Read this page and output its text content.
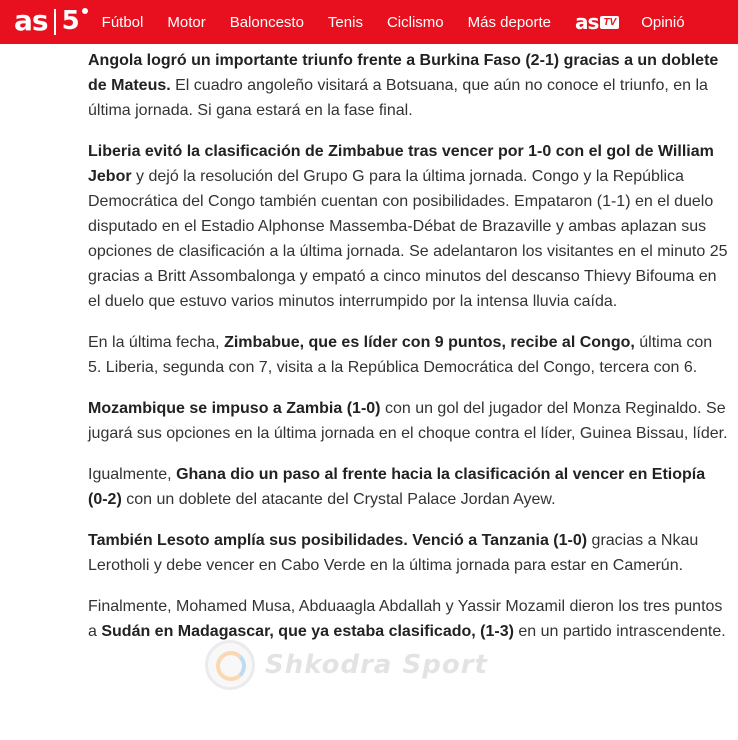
as 5 Fútbol Motor Baloncesto Tenis Ciclismo Más deporte as TV Opinió

Angola logró un importante triunfo frente a Burkina Faso (2-1) gracias a un doblete de Mateus. El cuadro angoleño visitará a Botsuana, que aún no conoce el triunfo, en la última jornada. Si gana estará en la fase final.

Liberia evitó la clasificación de Zimbabue tras vencer por 1-0 con el gol de William Jebor y dejó la resolución del Grupo G para la última jornada. Congo y la República Democrática del Congo también cuentan con posibilidades. Empataron (1-1) en el duelo disputado en el Estadio Alphonse Massemba-Débat de Brazaville y ambas aplazan sus opciones de clasificación a la última jornada. Se adelantaron los visitantes en el minuto 25 gracias a Britt Assombalonga y empató a cinco minutos del descanso Thievy Bifouma en el duelo que estuvo varios minutos interrumpido por la intensa lluvia caída.

En la última fecha, Zimbabue, que es líder con 9 puntos, recibe al Congo, última con 5. Liberia, segunda con 7, visita a la República Democrática del Congo, tercera con 6.

Mozambique se impuso a Zambia (1-0) con un gol del jugador del Monza Reginaldo. Se jugará sus opciones en la última jornada en el choque contra el líder, Guinea Bissau, líder.

Igualmente, Ghana dio un paso al frente hacia la clasificación al vencer en Etiopía (0-2) con un doblete del atacante del Crystal Palace Jordan Ayew.

También Lesoto amplía sus posibilidades. Venció a Tanzania (1-0) gracias a Nkau Lerotholi y debe vencer en Cabo Verde en la última jornada para estar en Camerún.

Finalmente, Mohamed Musa, Abduaagla Abdallah y Yassir Mozamil dieron los tres puntos a Sudán en Madagascar, que ya estaba clasificado, (1-3) en un partido intrascendente.

Shkodra Sport
